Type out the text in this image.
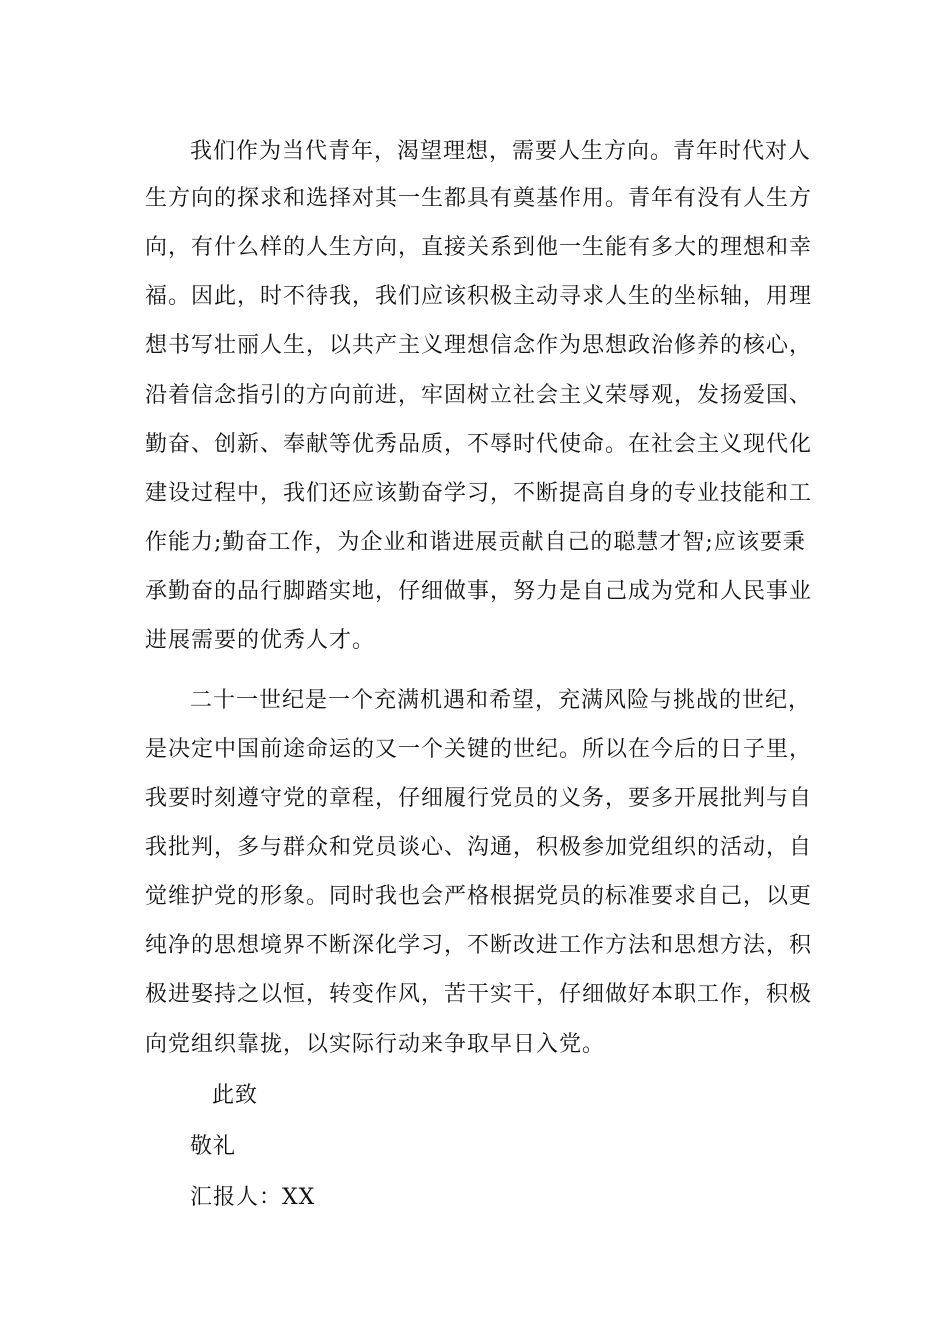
我们作为当代青年，渴望理想，需要人生方向。青年时代对人
生方向的探求和选择对其一生都具有奠基作用。青年有没有人生方
向，有什么样的人生方向，直接关系到他一生能有多大的理想和幸
福。因此，时不待我，我们应该积极主动寻求人生的坐标轴，用理
想书写壮丽人生，以共产主义理想信念作为思想政治修养的核心，
沿着信念指引的方向前进，牢固树立社会主义荣辱观，发扬爱国、
勤奋、创新、奉献等优秀品质，不辱时代使命。在社会主义现代化
建设过程中，我们还应该勤奋学习，不断提高自身的专业技能和工
作能力;勤奋工作，为企业和谐进展贡献自己的聪慧才智;应该要秉
承勤奋的品行脚踏实地，仔细做事，努力是自己成为党和人民事业
进展需要的优秀人才。
二十一世纪是一个充满机遇和希望，充满风险与挑战的世纪，
是决定中国前途命运的又一个关键的世纪。所以在今后的日子里，
我要时刻遵守党的章程，仔细履行党员的义务，要多开展批判与自
我批判，多与群众和党员谈心、沟通，积极参加党组织的活动，自
觉维护党的形象。同时我也会严格根据党员的标准要求自己，以更
纯净的思想境界不断深化学习，不断改进工作方法和思想方法，积
极进娶持之以恒，转变作风，苦干实干，仔细做好本职工作，积极
向党组织靠拢，以实际行动来争取早日入党。
此致
敬礼
汇报人：XX
